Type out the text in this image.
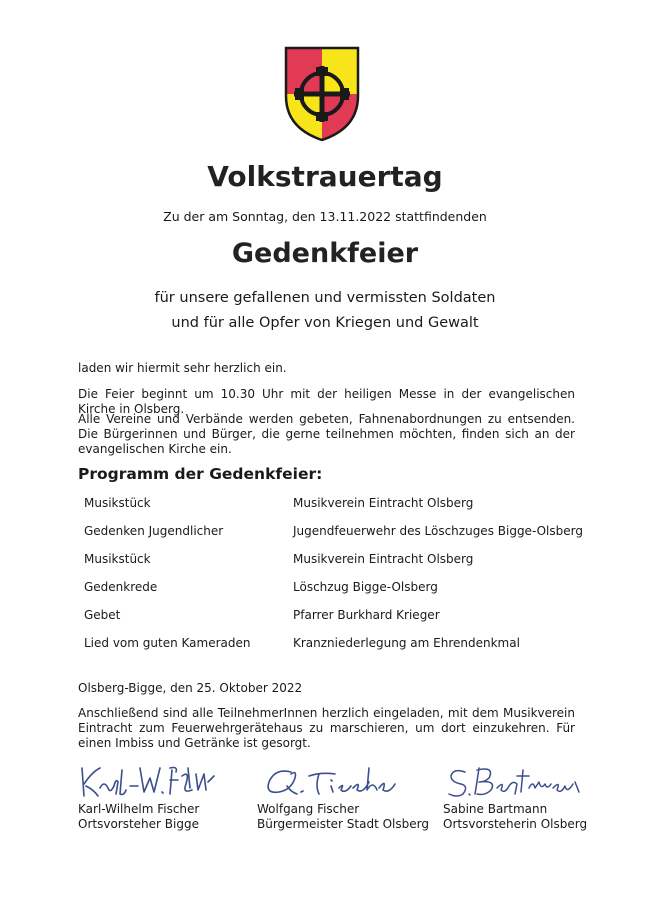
Volkstrauertag
Zu der am Sonntag, den 13.11.2022 stattfindenden
Gedenkfeier
für unsere gefallenen und vermissten Soldaten
und für alle Opfer von Kriegen und Gewalt
laden wir hiermit sehr herzlich ein.
Die Feier beginnt um 10.30 Uhr mit der heiligen Messe in der evangelischen Kirche in Olsberg.
Alle Vereine und Verbände werden gebeten, Fahnenabordnungen zu entsenden. Die Bürgerinnen und Bürger, die gerne teilnehmen möchten, finden sich an der evangelischen Kirche ein.
Programm der Gedenkfeier:
Musikstück	Musikverein Eintracht Olsberg
Gedenken Jugendlicher	Jugendfeuerwehr des Löschzuges Bigge-Olsberg
Musikstück	Musikverein Eintracht Olsberg
Gedenkrede	Löschzug Bigge-Olsberg
Gebet	Pfarrer Burkhard Krieger
Lied vom guten Kameraden	Kranzniederlegung am Ehrendenkmal
Olsberg-Bigge, den 25. Oktober 2022
Anschließend sind alle TeilnehmerInnen herzlich eingeladen, mit dem Musikverein Eintracht zum Feuerwehrgerätehaus zu marschieren, um dort einzukehren. Für einen Imbiss und Getränke ist gesorgt.
Karl-Wilhelm Fischer
Ortsvorsteher Bigge
Wolfgang Fischer
Bürgermeister Stadt Olsberg
Sabine Bartmann
Ortsvorsteherin Olsberg
